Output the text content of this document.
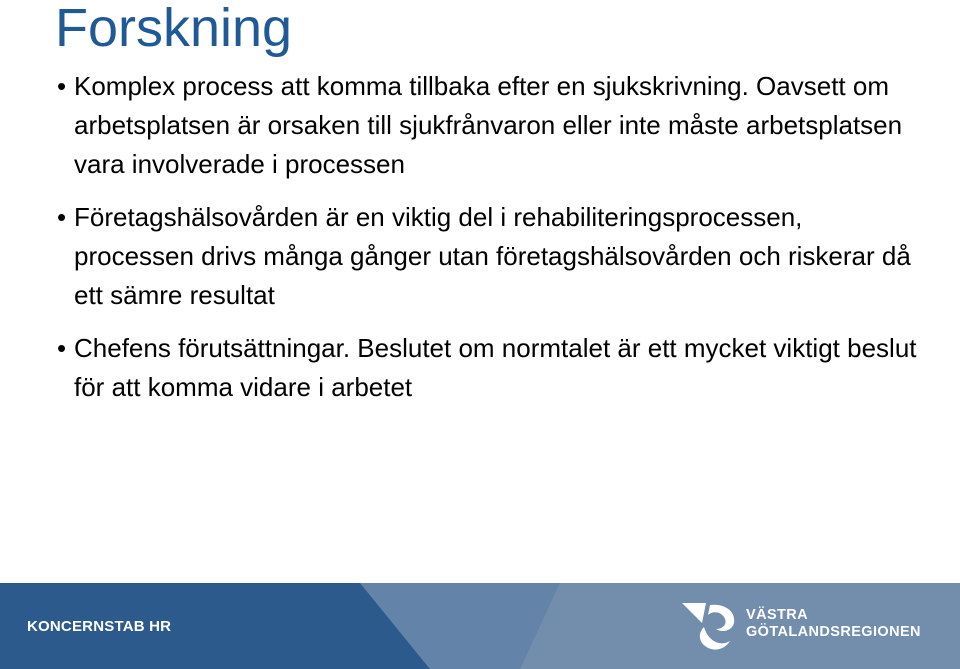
Forskning
• Komplex process att komma tillbaka efter en sjukskrivning. Oavsett om arbetsplatsen är orsaken till sjukfrånvaron eller inte måste arbetsplatsen vara involverade i processen
• Företagshälsovården är en viktig del i rehabiliteringsprocessen, processen drivs många gånger utan företagshälsovården och riskerar då ett sämre resultat
• Chefens förutsättningar. Beslutet om normtalet är ett mycket viktigt beslut för att komma vidare i arbetet
KONCERNSTAB HR
VÄSTRA
GÖTALANDSREGIONEN
